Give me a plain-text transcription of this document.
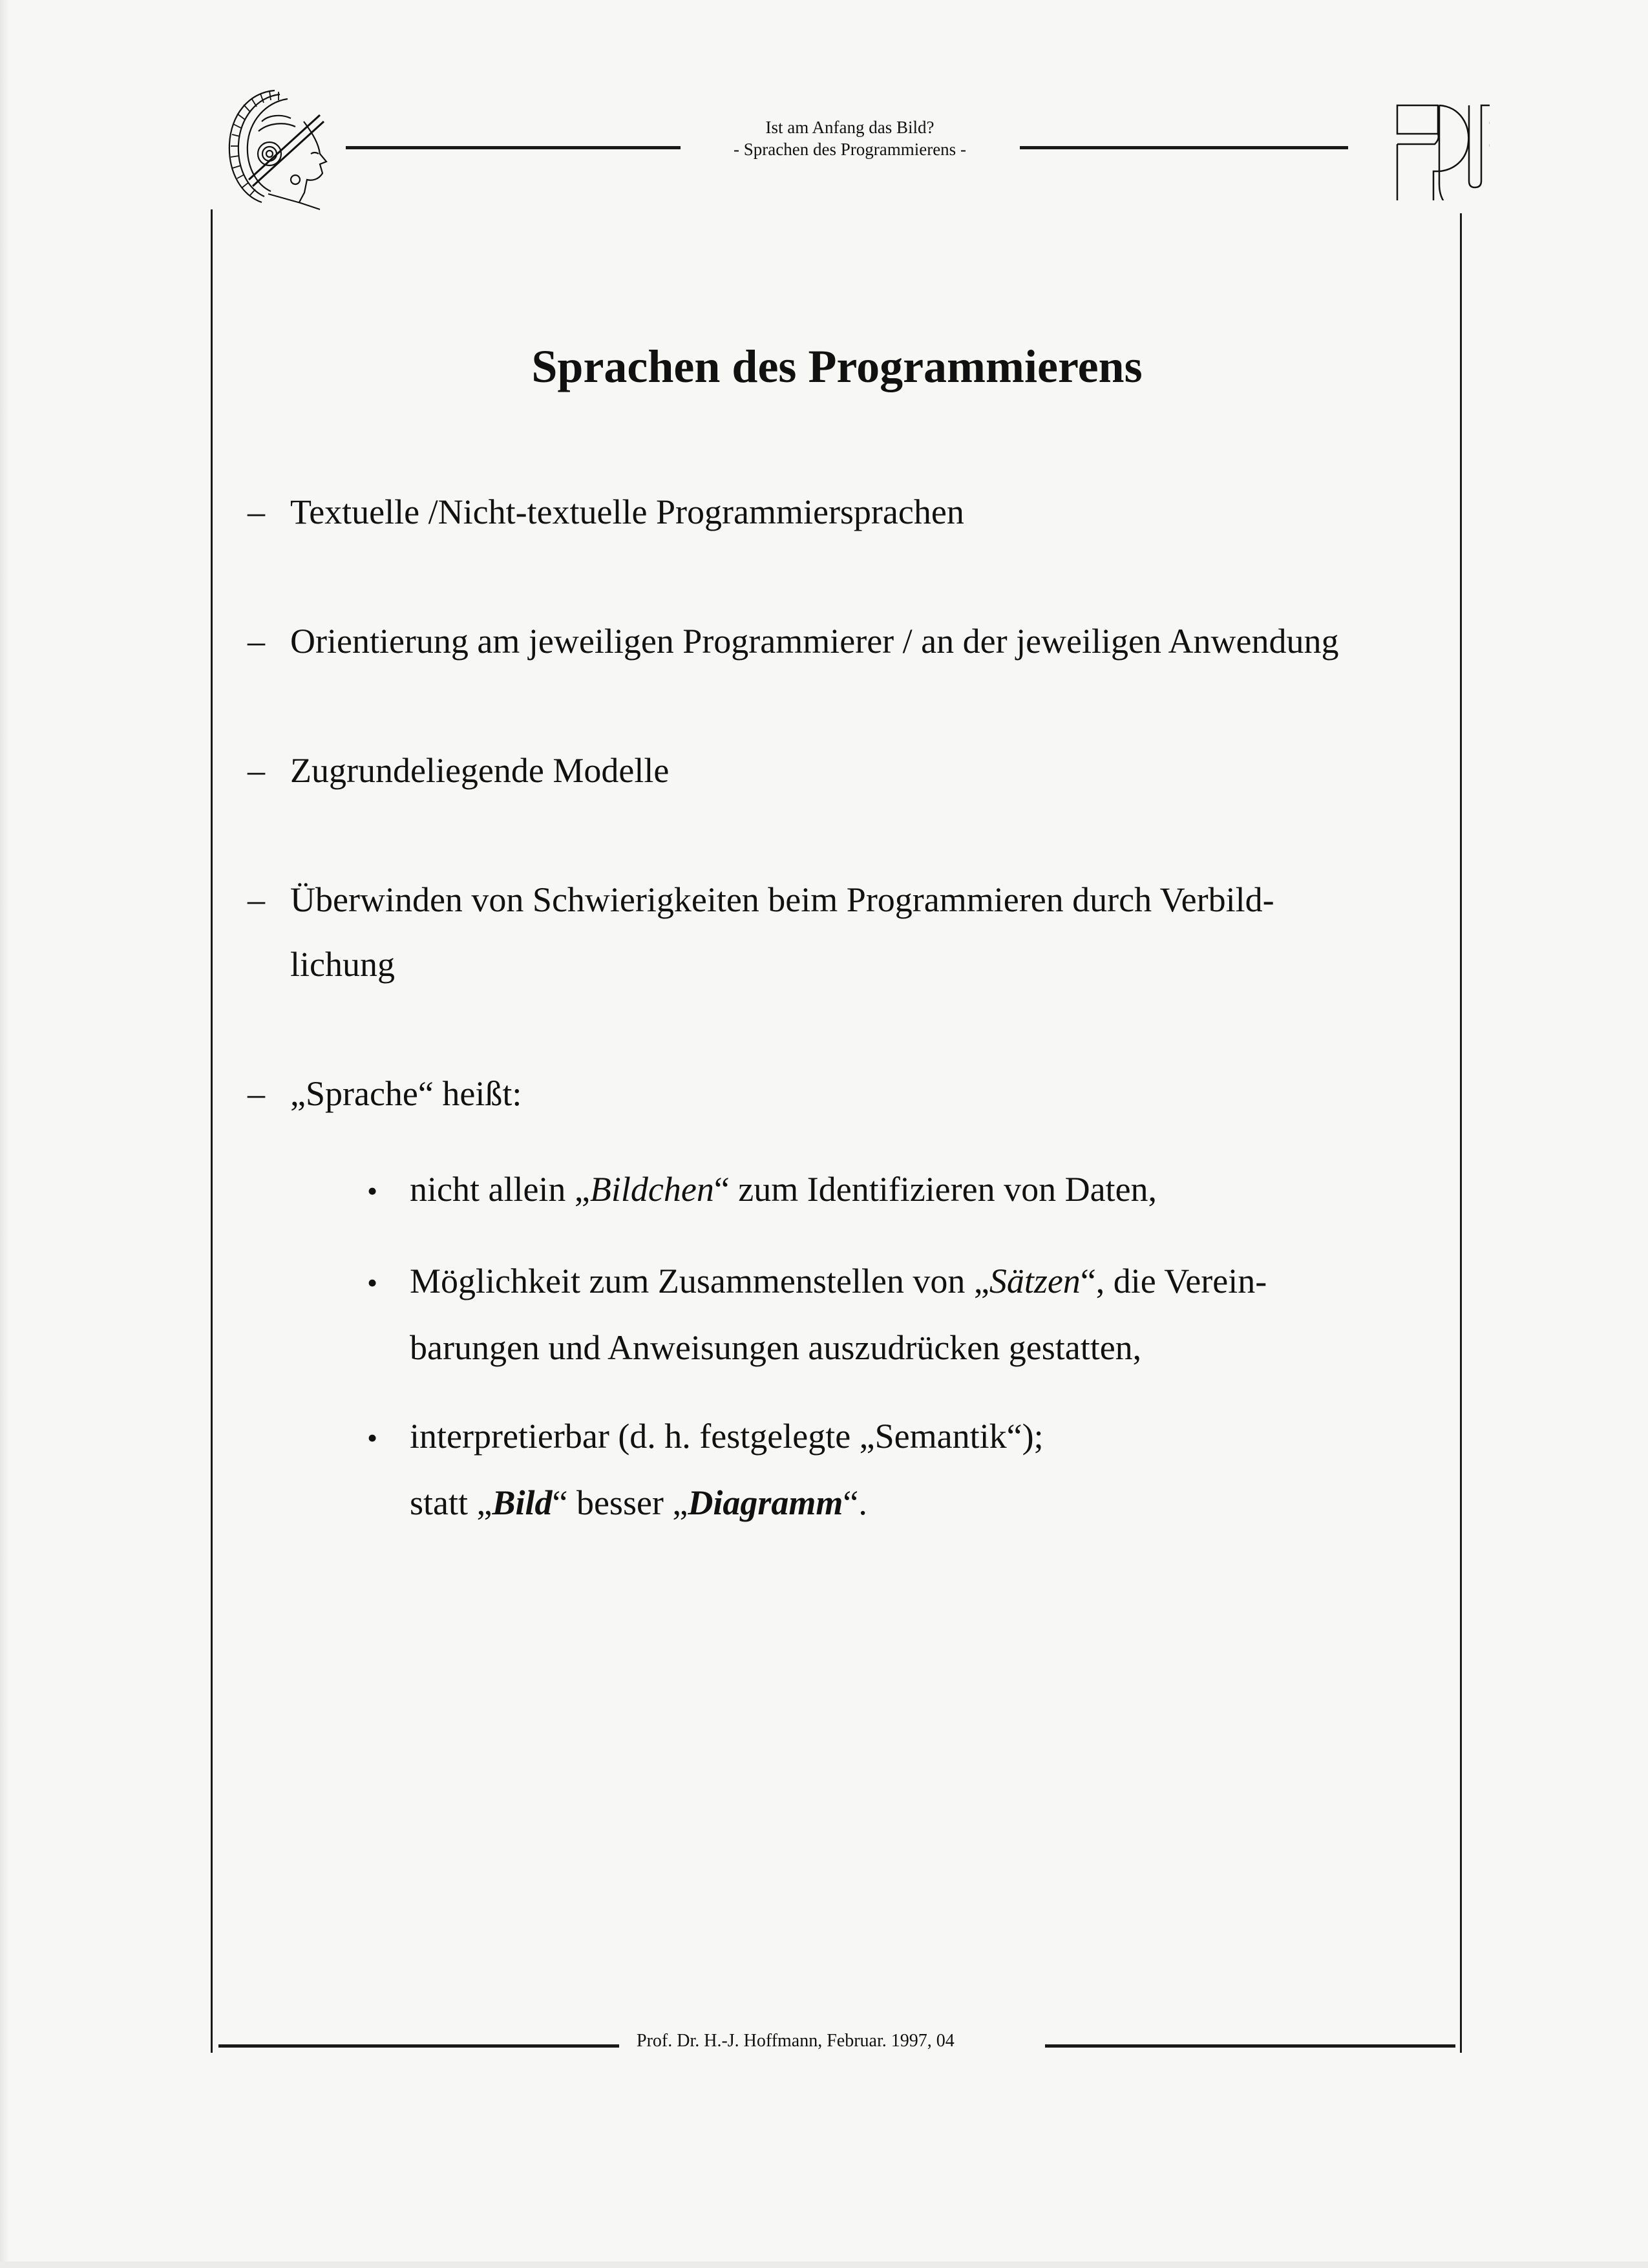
Ist am Anfang das Bild?
- Sprachen des Programmierens -
Sprachen des Programmierens
– Textuelle /Nicht-textuelle Programmiersprachen
– Orientierung am jeweiligen Programmierer / an der jeweiligen Anwendung
– Zugrundeliegende Modelle
– Überwinden von Schwierigkeiten beim Programmieren durch Verbild-
lichung
– „Sprache“ heißt:
• nicht allein „Bildchen“ zum Identifizieren von Daten,
• Möglichkeit zum Zusammenstellen von „Sätzen“, die Verein-
barungen und Anweisungen auszudrücken gestatten,
• interpretierbar (d. h. festgelegte „Semantik“);
statt „Bild“ besser „Diagramm“.
Prof. Dr. H.-J. Hoffmann, Februar. 1997, 04
